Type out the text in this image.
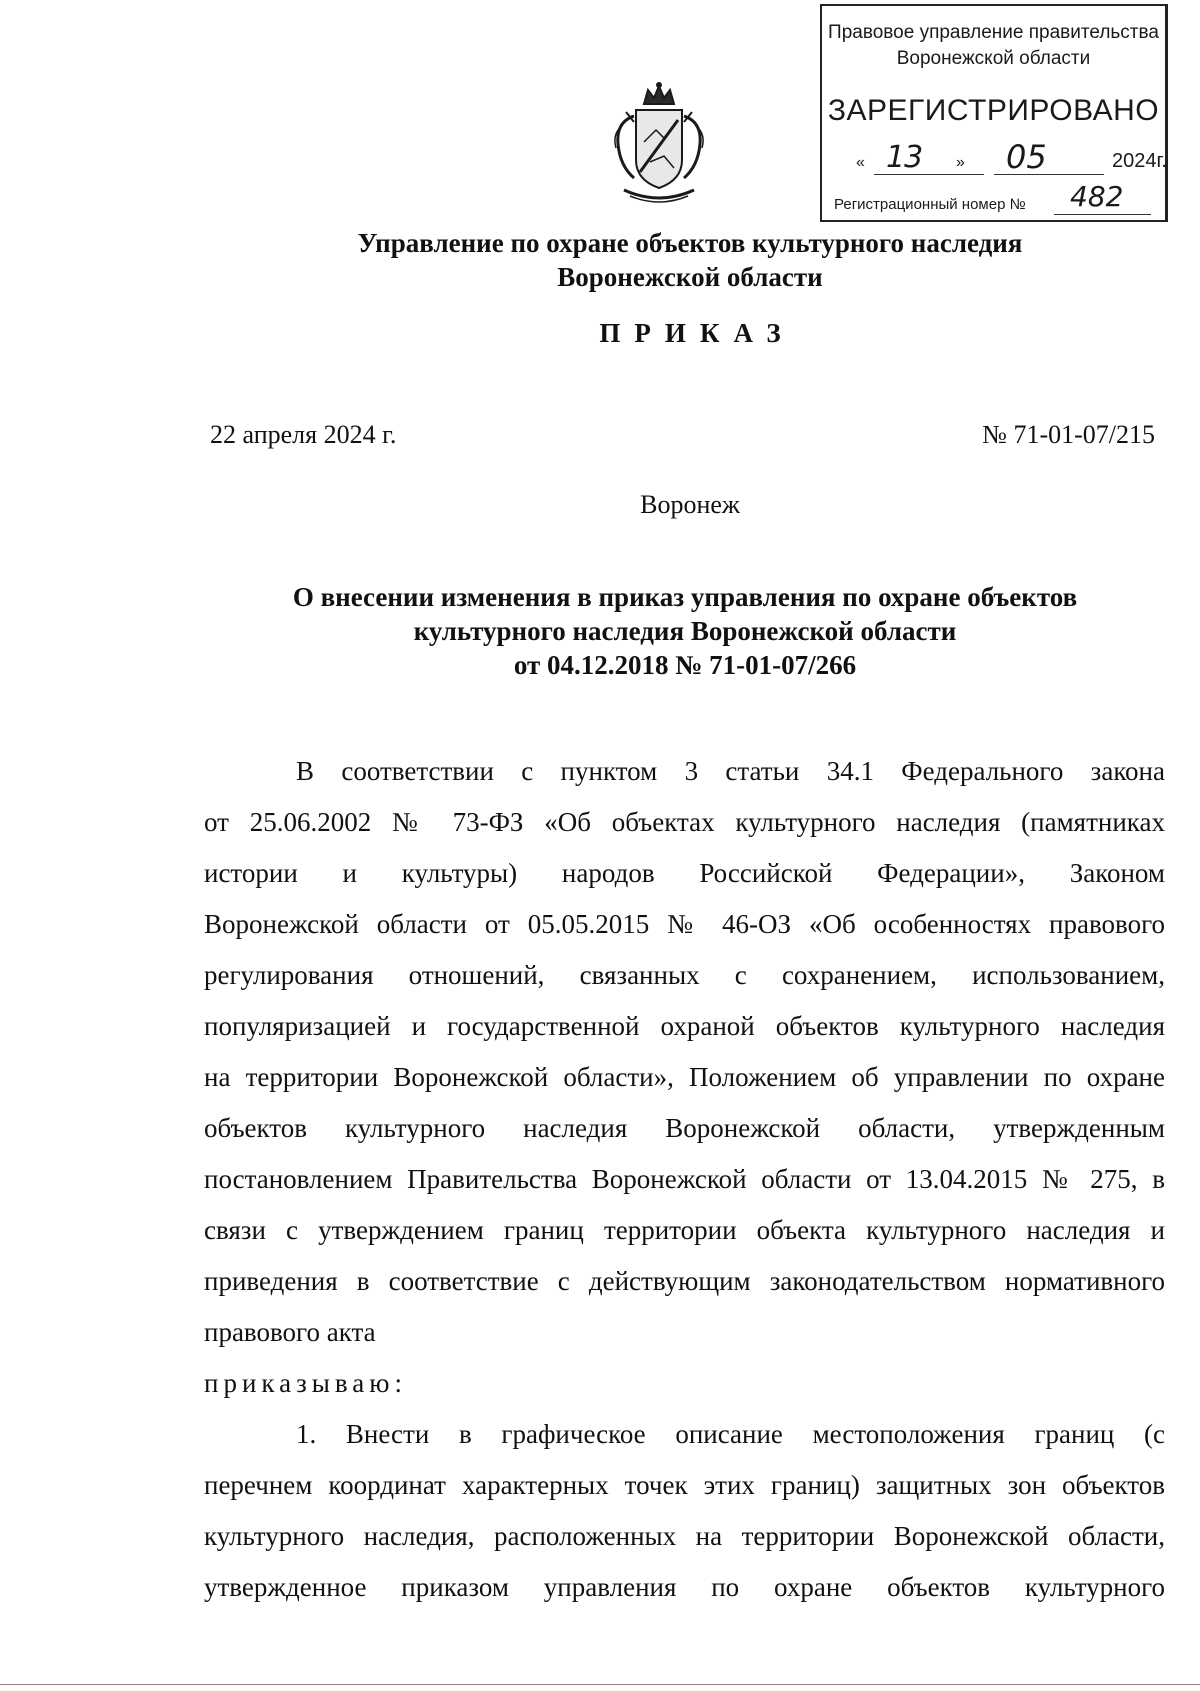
Правовое управление правительства
Воронежской области
ЗАРЕГИСТРИРОВАНО
« 13 » 05	2024г.
Регистрационный номер № 482
Управление по охране объектов культурного наследия
Воронежской области
ПРИКАЗ
22 апреля 2024 г.	№ 71-01-07/215
Воронеж
О внесении изменения в приказ управления по охране объектов
культурного наследия Воронежской области
от 04.12.2018 № 71-01-07/266
В соответствии с пунктом 3 статьи 34.1 Федерального закона
от 25.06.2002 № 73-ФЗ «Об объектах культурного наследия (памятниках
истории и культуры) народов Российской Федерации», Законом
Воронежской области от 05.05.2015 № 46-ОЗ «Об особенностях правового
регулирования отношений, связанных с сохранением, использованием,
популяризацией и государственной охраной объектов культурного наследия
на территории Воронежской области», Положением об управлении по охране
объектов культурного наследия Воронежской области, утвержденным
постановлением Правительства Воронежской области от 13.04.2015 № 275, в
связи с утверждением границ территории объекта культурного наследия и
приведения в соответствие с действующим законодательством нормативного
правового акта
приказываю:
1. Внести в графическое описание местоположения границ (с
перечнем координат характерных точек этих границ) защитных зон объектов
культурного наследия, расположенных на территории Воронежской области,
утвержденное приказом управления по охране объектов культурного
